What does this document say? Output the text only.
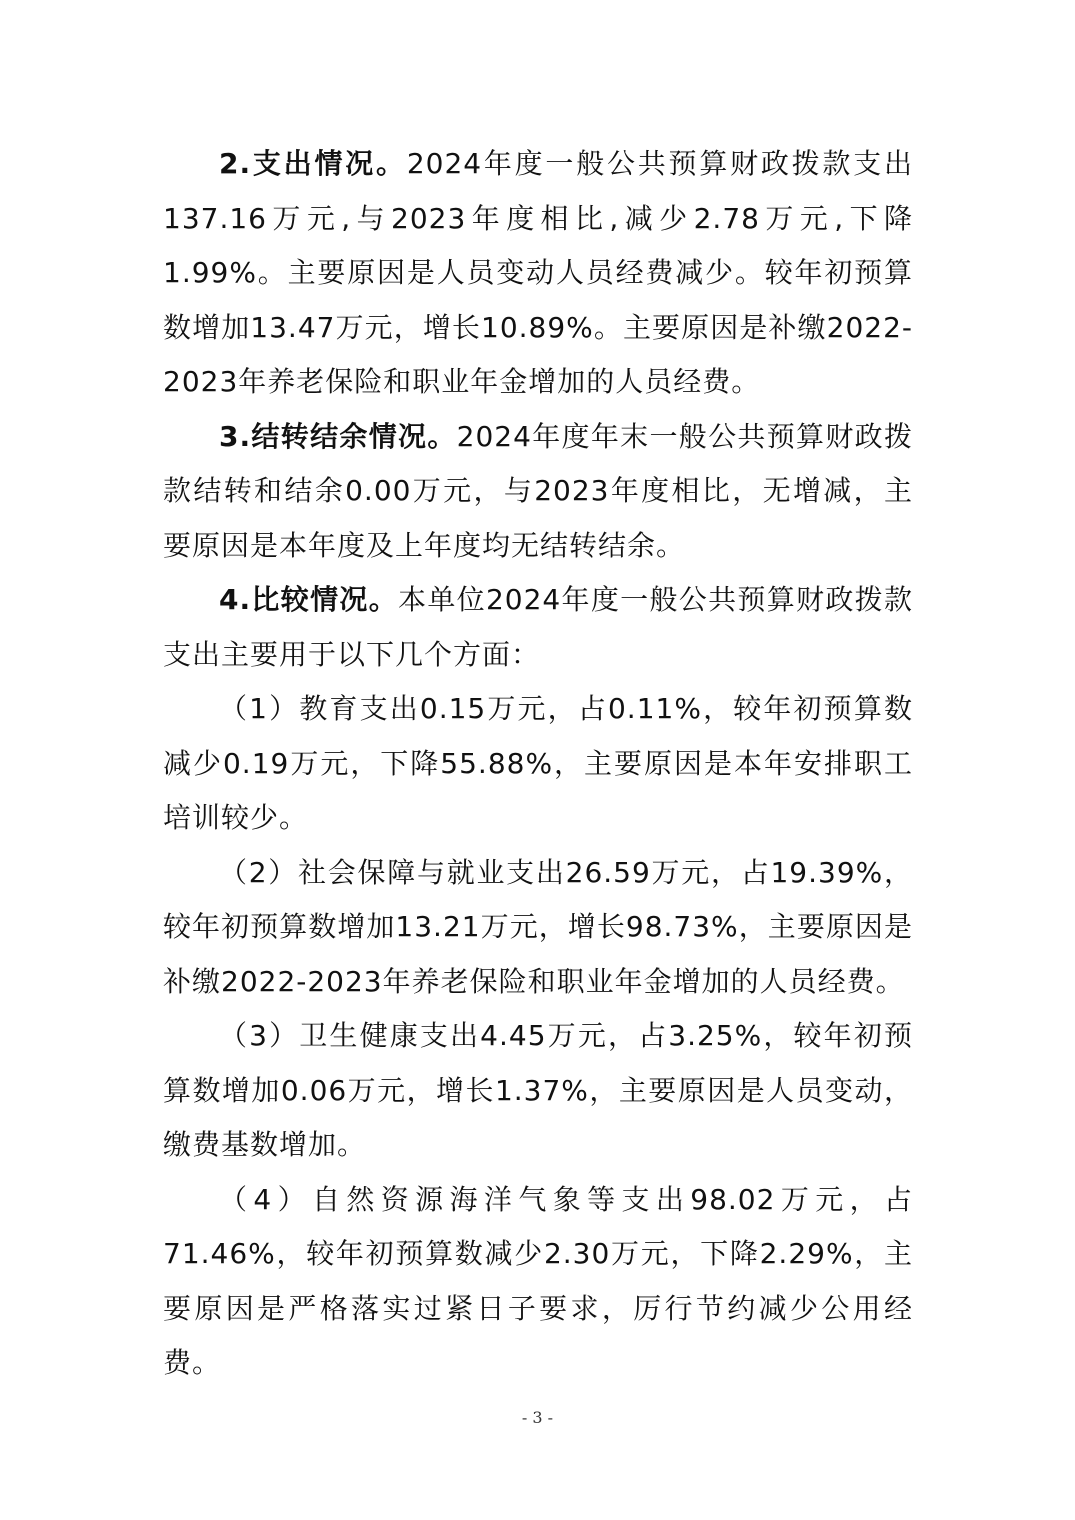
2.支出情况。2024年度一般公共预算财政拨款支出137.16万元,与2023年度相比,减少2.78万元,下降1.99%。主要原因是人员变动人员经费减少。较年初预算数增加13.47万元，增长10.89%。主要原因是补缴2022-2023年养老保险和职业年金增加的人员经费。

3.结转结余情况。2024年度年末一般公共预算财政拨款结转和结余0.00万元，与2023年度相比，无增减，主要原因是本年度及上年度均无结转结余。

4.比较情况。本单位2024年度一般公共预算财政拨款支出主要用于以下几个方面：

（1）教育支出0.15万元，占0.11%，较年初预算数减少0.19万元，下降55.88%，主要原因是本年安排职工培训较少。

（2）社会保障与就业支出26.59万元，占19.39%，较年初预算数增加13.21万元，增长98.73%，主要原因是补缴2022-2023年养老保险和职业年金增加的人员经费。

（3）卫生健康支出4.45万元，占3.25%，较年初预算数增加0.06万元，增长1.37%，主要原因是人员变动，缴费基数增加。

（4）自然资源海洋气象等支出98.02万元，占71.46%，较年初预算数减少2.30万元，下降2.29%，主要原因是严格落实过紧日子要求，厉行节约减少公用经费。

- 3 -
